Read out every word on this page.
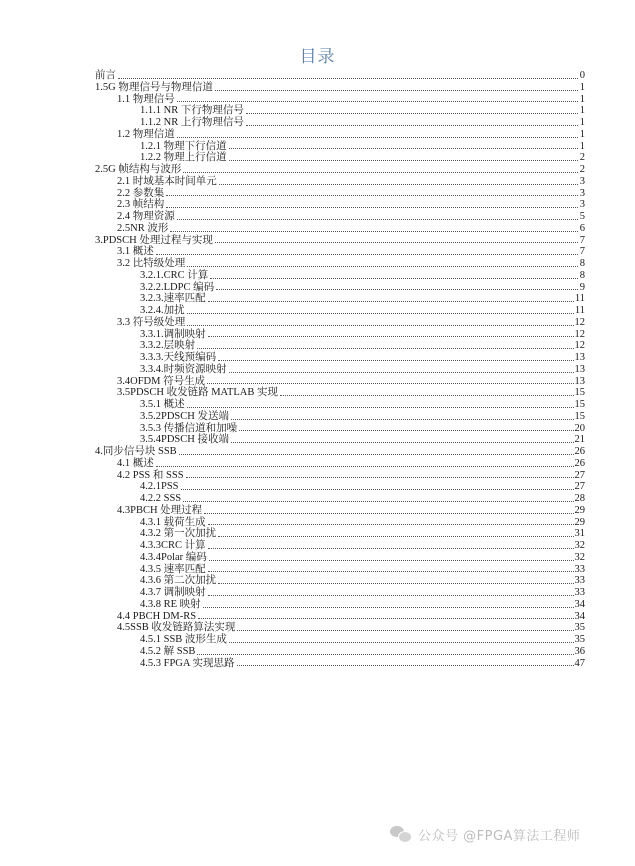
目录
前言	0
1.5G 物理信号与物理信道	1
1.1 物理信号	1
1.1.1 NR 下行物理信号	1
1.1.2 NR 上行物理信号	1
1.2 物理信道	1
1.2.1 物理下行信道	1
1.2.2 物理上行信道	2
2.5G 帧结构与波形	2
2.1 时域基本时间单元	3
2.2 参数集	3
2.3 帧结构	3
2.4 物理资源	5
2.5NR 波形	6
3.PDSCH 处理过程与实现	7
3.1 概述	7
3.2 比特级处理	8
3.2.1.CRC 计算	8
3.2.2.LDPC 编码	9
3.2.3.速率匹配	11
3.2.4.加扰	11
3.3 符号级处理	12
3.3.1.调制映射	12
3.3.2.层映射	12
3.3.3.天线预编码	13
3.3.4.时频资源映射	13
3.4OFDM 符号生成	13
3.5PDSCH 收发链路 MATLAB 实现	15
3.5.1 概述	15
3.5.2PDSCH 发送端	15
3.5.3 传播信道和加噪	20
3.5.4PDSCH 接收端	21
4.同步信号块 SSB	26
4.1 概述	26
4.2 PSS 和 SSS	27
4.2.1PSS	27
4.2.2 SSS	28
4.3PBCH 处理过程	29
4.3.1 载荷生成	29
4.3.2 第一次加扰	31
4.3.3CRC 计算	32
4.3.4Polar 编码	32
4.3.5 速率匹配	33
4.3.6 第二次加扰	33
4.3.7 调制映射	33
4.3.8 RE 映射	34
4.4 PBCH DM-RS	34
4.5SSB 收发链路算法实现	35
4.5.1 SSB 波形生成	35
4.5.2 解 SSB	36
4.5.3 FPGA 实现思路	47
公众号 @FPGA算法工程师
